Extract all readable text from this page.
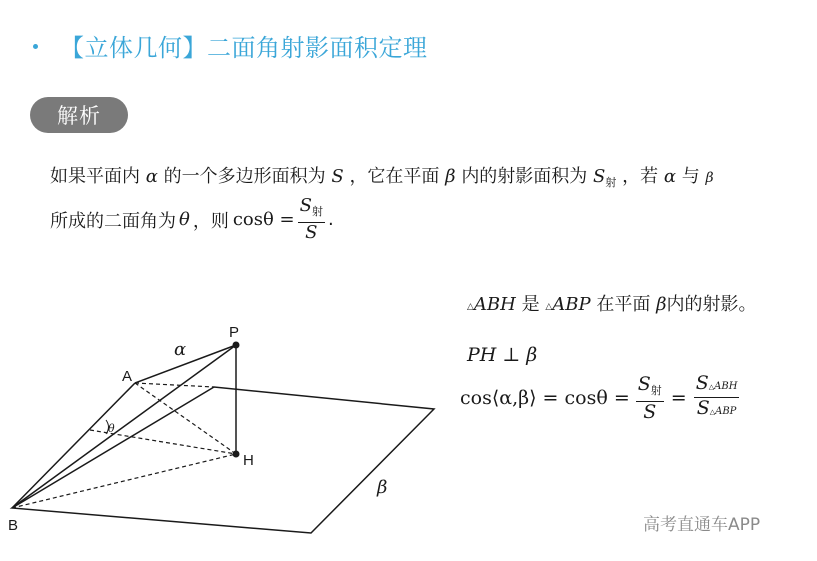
【立体几何】二面角射影面积定理
解析
如果平面内 α 的一个多边形面积为 S ，它在平面 β 内的射影面积为 $S_射$ ，若 α 与 β
所成的二面角为 θ ，则 $\cos\theta = \frac{S_射}{S}$ .
P
A
B
H
α
β
θ
△ABH 是 △ABP 在平面 β内的射影。
PH ⊥ β
cos⟨α,β⟩ = $\cos\theta = \frac{S_射}{S} = \frac{\text{S△ABH}}{\text{S△ABP}}$
高考直通车APP
